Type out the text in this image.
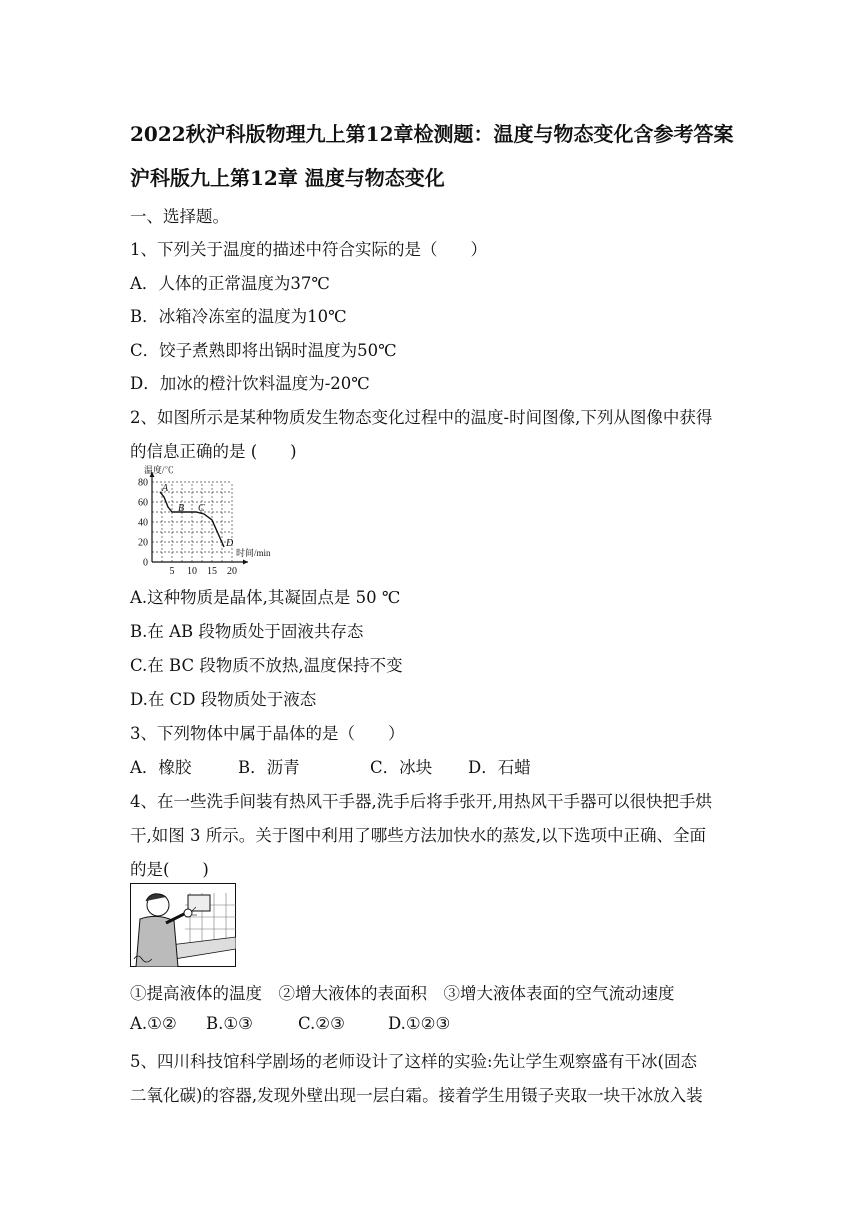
2022秋沪科版物理九上第12章检测题：温度与物态变化含参考答案
沪科版九上第12章 温度与物态变化
一、选择题。
1、下列关于温度的描述中符合实际的是（　　）
A．人体的正常温度为37℃
B．冰箱冷冻室的温度为10℃
C．饺子煮熟即将出锅时温度为50℃
D．加冰的橙汁饮料温度为-20℃
2、如图所示是某种物质发生物态变化过程中的温度-时间图像,下列从图像中获得
的信息正确的是 (　　)
5 10 15 20
0
20
40
60
80
温度/℃
时间/min
A
B C
D
A.这种物质是晶体,其凝固点是 50 ℃
B.在 AB 段物质处于固液共存态
C.在 BC 段物质不放热,温度保持不变
D.在 CD 段物质处于液态
3、下列物体中属于晶体的是（　　）
A．橡胶	B．沥青	C．冰块 D．石蜡
4、在一些洗手间装有热风干手器,洗手后将手张开,用热风干手器可以很快把手烘
干,如图 3 所示。关于图中利用了哪些方法加快水的蒸发,以下选项中正确、全面
的是(　　)
①提高液体的温度　②增大液体的表面积　③增大液体表面的空气流动速度
A.①② B.①③	C.②③	D.①②③
5、四川科技馆科学剧场的老师设计了这样的实验:先让学生观察盛有干冰(固态
二氧化碳)的容器,发现外壁出现一层白霜。接着学生用镊子夹取一块干冰放入装
